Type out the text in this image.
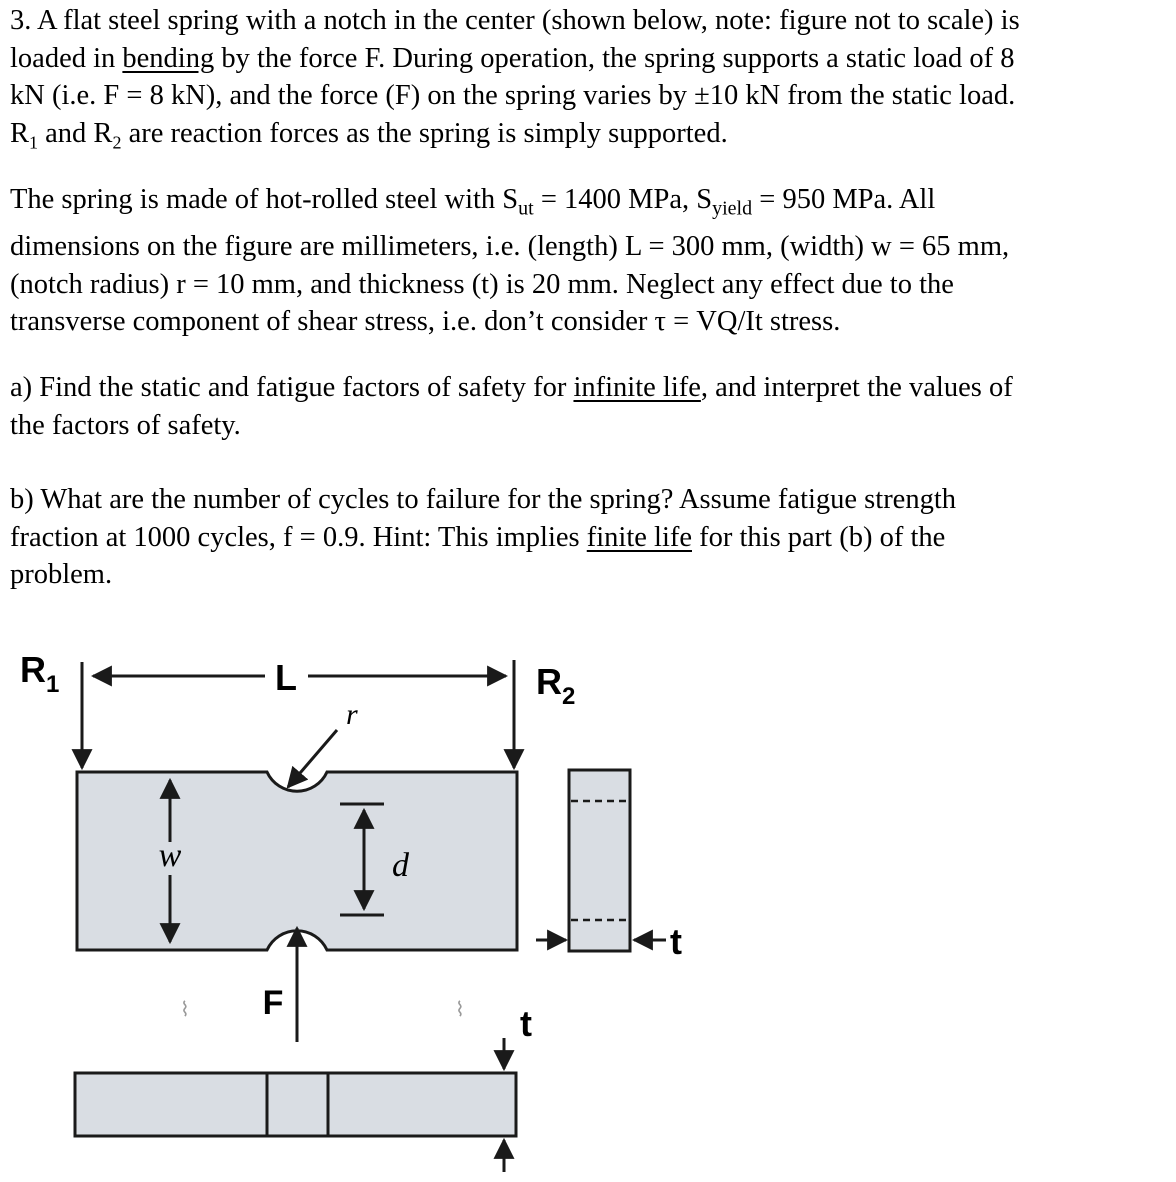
3. A flat steel spring with a notch in the center (shown below, note: figure not to scale) is
loaded in bending by the force F. During operation, the spring supports a static load of 8
kN (i.e. F = 8 kN), and the force (F) on the spring varies by ±10 kN from the static load.
$R_1$ and $R_2$ are reaction forces as the spring is simply supported.

The spring is made of hot-rolled steel with $S_{ut} = 1400$ MPa, $S_{yield} = 950$ MPa. All
dimensions on the figure are millimeters, i.e. (length) L = 300 mm, (width) w = 65 mm,
(notch radius) r = 10 mm, and thickness (t) is 20 mm. Neglect any effect due to the
transverse component of shear stress, i.e. don’t consider τ = VQ/It stress.

a) Find the static and fatigue factors of safety for infinite life, and interpret the values of
the factors of safety.

b) What are the number of cycles to failure for the spring? Assume fatigue strength
fraction at 1000 cycles, f = 0.9. Hint: This implies finite life for this part (b) of the
problem.

L
$R_1$	$R_2$
r
w	d
F
t
⌇	⌇ t
